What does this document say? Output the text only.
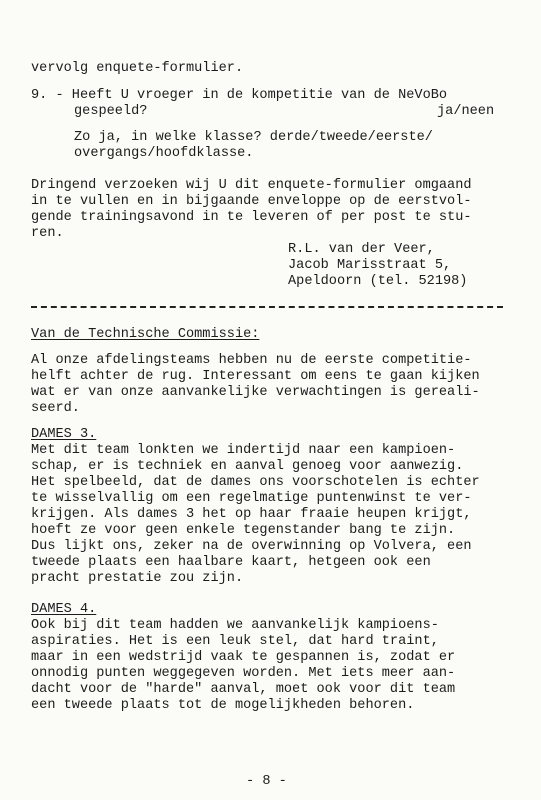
vervolg enquete-formulier.
9. - Heeft U vroeger in de kompetitie van de NeVoBo
gespeeld?	ja/neen
Zo ja, in welke klasse? derde/tweede/eerste/
overgangs/hoofdklasse.
Dringend verzoeken wij U dit enquete-formulier omgaand
in te vullen en in bijgaande enveloppe op de eerstvol-
gende trainingsavond in te leveren of per post te stu-
ren.
R.L. van der Veer,
Jacob Marisstraat 5,
Apeldoorn (tel. 52198)
Van de Technische Commissie:
Al onze afdelingsteams hebben nu de eerste competitie-
helft achter de rug. Interessant om eens te gaan kijken
wat er van onze aanvankelijke verwachtingen is gereali-
seerd.
DAMES 3.
Met dit team lonkten we indertijd naar een kampioen-
schap, er is techniek en aanval genoeg voor aanwezig.
Het spelbeeld, dat de dames ons voorschotelen is echter
te wisselvallig om een regelmatige puntenwinst te ver-
krijgen. Als dames 3 het op haar fraaie heupen krijgt,
hoeft ze voor geen enkele tegenstander bang te zijn.
Dus lijkt ons, zeker na de overwinning op Volvera, een
tweede plaats een haalbare kaart, hetgeen ook een
pracht prestatie zou zijn.
DAMES 4.
Ook bij dit team hadden we aanvankelijk kampioens-
aspiraties. Het is een leuk stel, dat hard traint,
maar in een wedstrijd vaak te gespannen is, zodat er
onnodig punten weggegeven worden. Met iets meer aan-
dacht voor de "harde" aanval, moet ook voor dit team
een tweede plaats tot de mogelijkheden behoren.
- 8 -
